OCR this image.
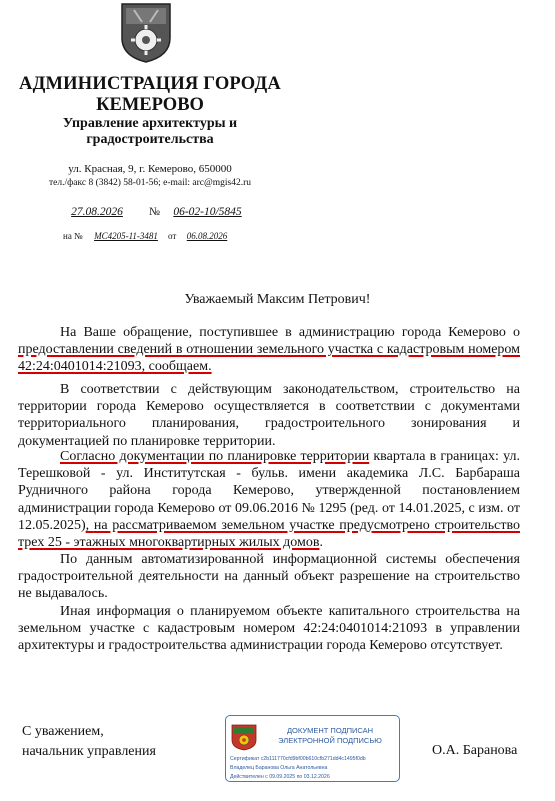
АДМИНИСТРАЦИЯ ГОРОДА
КЕМЕРОВО
Управление архитектуры и
градостроительства
ул. Красная, 9, г. Кемерово, 650000
тел./факс 8 (3842) 58-01-56; e-mail: arc@mgis42.ru
27.08.2026	№	06-02-10/5845
на №	МС4205-11-3481	от	06.08.2026
Уважаемый Максим Петрович!

На Ваше обращение, поступившее в администрацию города Кемерово о предоставлении сведений в отношении земельного участка с кадастровым номером 42:24:0401014:21093, сообщаем.

В соответствии с действующим законодательством, строительство на территории города Кемерово осуществляется в соответствии с документами территориального планирования, градостроительного зонирования и документацией по планировке территории.

Согласно документации по планировке территории квартала в границах: ул. Терешковой - ул. Институтская - бульв. имени академика Л.С. Барбараша Рудничного района города Кемерово, утвержденной постановлением администрации города Кемерово от 09.06.2016 № 1295 (ред. от 14.01.2025, с изм. от 12.05.2025), на рассматриваемом земельном участке предусмотрено строительство трех 25 - этажных многоквартирных жилых домов.

По данным автоматизированной информационной системы обеспечения градостроительной деятельности на данный объект разрешение на строительство не выдавалось.

Иная информация о планируемом объекте капитального строительства на земельном участке с кадастровым номером 42:24:0401014:21093 в управлении архитектуры и градостроительства администрации города Кемерово отсутствует.

С уважением,
начальник управления
ДОКУМЕНТ ПОДПИСАН
ЭЛЕКТРОННОЙ ПОДПИСЬЮ
Сертификат c2b111770cfd9bf00b610cfb271dd4c1495f0db
Владелец Баранова Ольга Анатольевна
Действителен с 09.09.2025 по 03.12.2026
О.А. Баранова
